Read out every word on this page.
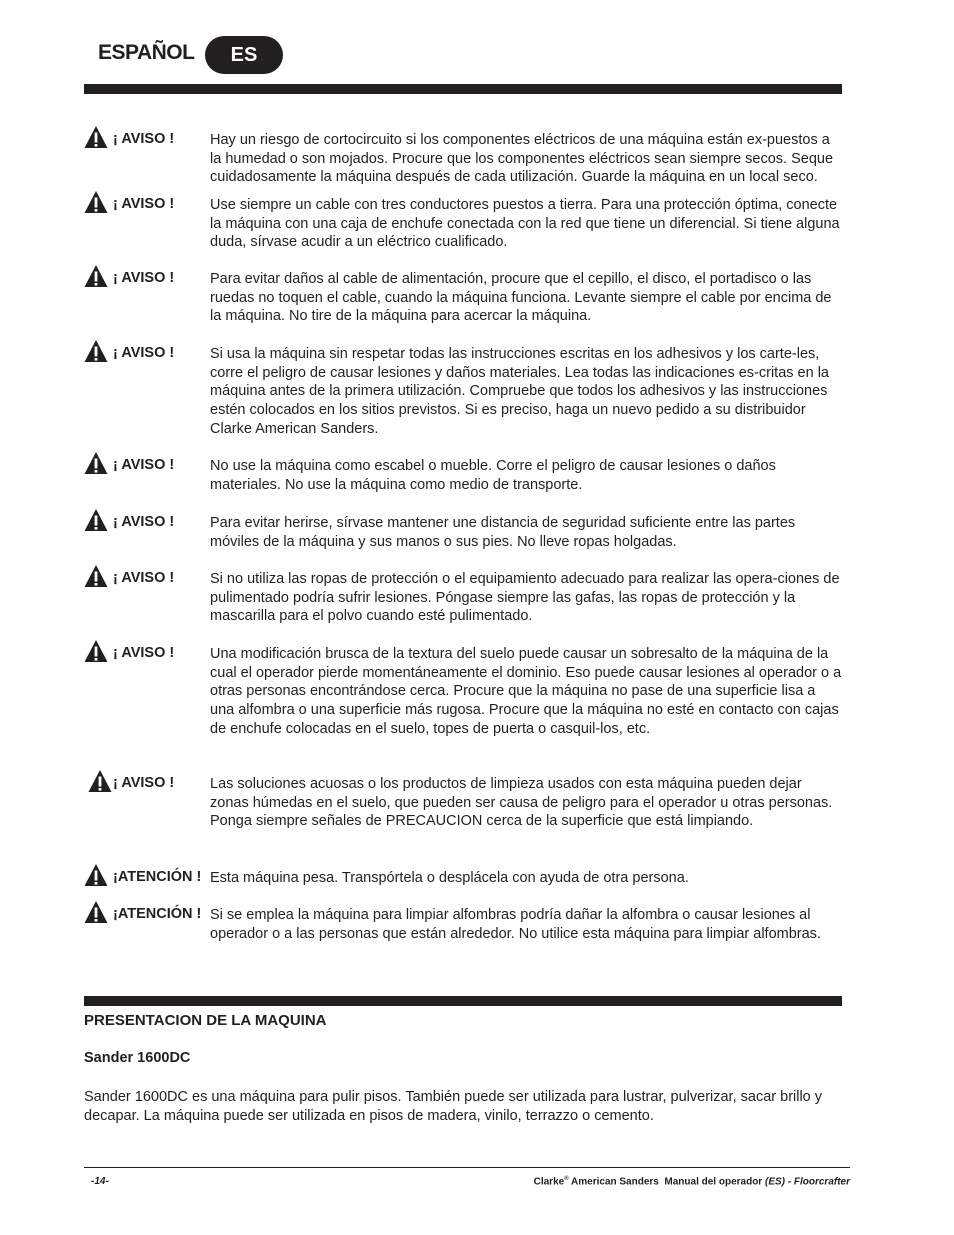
ESPAÑOL	ES
¡ AVISO ! Hay un riesgo de cortocircuito si los componentes eléctricos de una máquina están ex-puestos a la humedad o son mojados. Procure que los componentes eléctricos sean siempre secos. Seque cuidadosamente la máquina después de cada utilización. Guarde la máquina en un local seco.
¡ AVISO ! Use siempre un cable con tres conductores puestos a tierra. Para una protección óptima, conecte la máquina con una caja de enchufe conectada con la red que tiene un diferencial. Si tiene alguna duda, sírvase acudir a un eléctrico cualificado.
¡ AVISO ! Para evitar daños al cable de alimentación, procure que el cepillo, el disco, el portadisco o las ruedas no toquen el cable, cuando la máquina funciona. Levante siempre el cable por encima de la máquina. No tire de la máquina para acercar la máquina.
¡ AVISO ! Si usa la máquina sin respetar todas las instrucciones escritas en los adhesivos y los carte-les, corre el peligro de causar lesiones y daños materiales. Lea todas las indicaciones es-critas en la máquina antes de la primera utilización. Compruebe que todos los adhesivos y las instrucciones estén colocados en los sitios previstos. Si es preciso, haga un nuevo pedido a su distribuidor Clarke American Sanders.
¡ AVISO ! No use la máquina como escabel o mueble. Corre el peligro de causar lesiones o daños materiales. No use la máquina como medio de transporte.
¡ AVISO ! Para evitar herirse, sírvase mantener une distancia de seguridad suficiente entre las partes móviles de la máquina y sus manos o sus pies. No lleve ropas holgadas.
¡ AVISO ! Si no utiliza las ropas de protección o el equipamiento adecuado para realizar las opera-ciones de pulimentado podría sufrir lesiones. Póngase siempre las gafas, las ropas de protección y la mascarilla para el polvo cuando esté pulimentado.
¡ AVISO ! Una modificación brusca de la textura del suelo puede causar un sobresalto de la máquina de la cual el operador pierde momentáneamente el dominio. Eso puede causar lesiones al operador o a otras personas encontrándose cerca. Procure que la máquina no pase de una superficie lisa a una alfombra o una superficie más rugosa. Procure que la máquina no esté en contacto con cajas de enchufe colocadas en el suelo, topes de puerta o casquil-los, etc.
¡ AVISO ! Las soluciones acuosas o los productos de limpieza usados con esta máquina pueden dejar zonas húmedas en el suelo, que pueden ser causa de peligro para el operador u otras personas. Ponga siempre señales de PRECAUCION cerca de la superficie que está limpiando.
¡ATENCIÓN ! Esta máquina pesa. Transpórtela o desplácela con ayuda de otra persona.
¡ATENCIÓN ! Si se emplea la máquina para limpiar alfombras podría dañar la alfombra o causar lesiones al operador o a las personas que están alrededor. No utilice esta máquina para limpiar alfombras.
PRESENTACION DE LA MAQUINA
Sander 1600DC
Sander 1600DC es una máquina para pulir pisos. También puede ser utilizada para lustrar, pulverizar, sacar brillo y decapar. La máquina puede ser utilizada en pisos de madera, vinilo, terrazzo o cemento.
-14-	Clarke® American Sanders  Manual del operador (ES) - Floorcrafter
